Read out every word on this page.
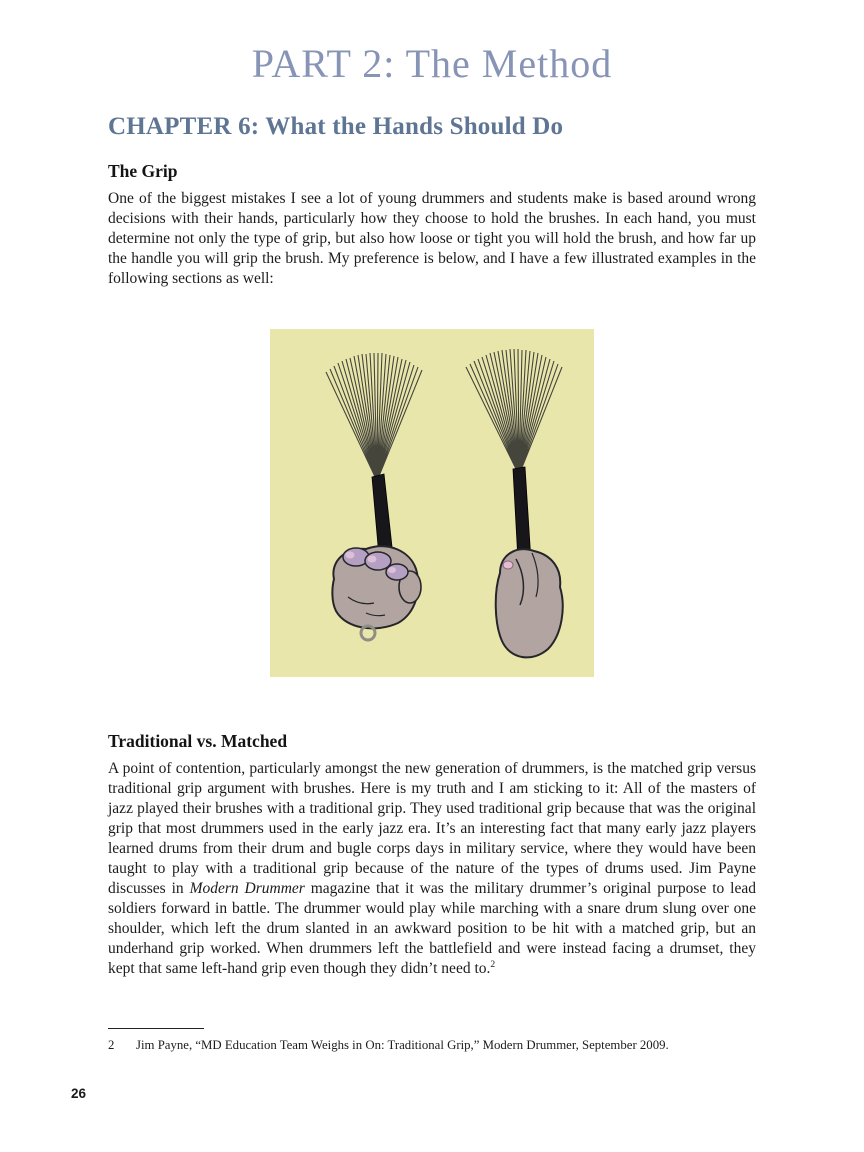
PART 2: The Method
CHAPTER 6: What the Hands Should Do
The Grip

One of the biggest mistakes I see a lot of young drummers and students make is based around wrong decisions with their hands, particularly how they choose to hold the brushes. In each hand, you must determine not only the type of grip, but also how loose or tight you will hold the brush, and how far up the handle you will grip the brush. My preference is below, and I have a few illustrated examples in the following sections as well:

Traditional vs. Matched

A point of contention, particularly amongst the new generation of drummers, is the matched grip versus traditional grip argument with brushes. Here is my truth and I am sticking to it: All of the masters of jazz played their brushes with a traditional grip. They used traditional grip because that was the original grip that most drummers used in the early jazz era. It’s an interesting fact that many early jazz players learned drums from their drum and bugle corps days in military service, where they would have been taught to play with a traditional grip because of the nature of the types of drums used. Jim Payne discusses in Modern Drummer magazine that it was the military drummer’s original purpose to lead soldiers forward in battle. The drummer would play while marching with a snare drum slung over one shoulder, which left the drum slanted in an awkward position to be hit with a matched grip, but an underhand grip worked. When drummers left the battlefield and were instead facing a drumset, they kept that same left-hand grip even though they didn’t need to.$^2$

2	Jim Payne, “MD Education Team Weighs in On: Traditional Grip,” Modern Drummer, September 2009.
26
